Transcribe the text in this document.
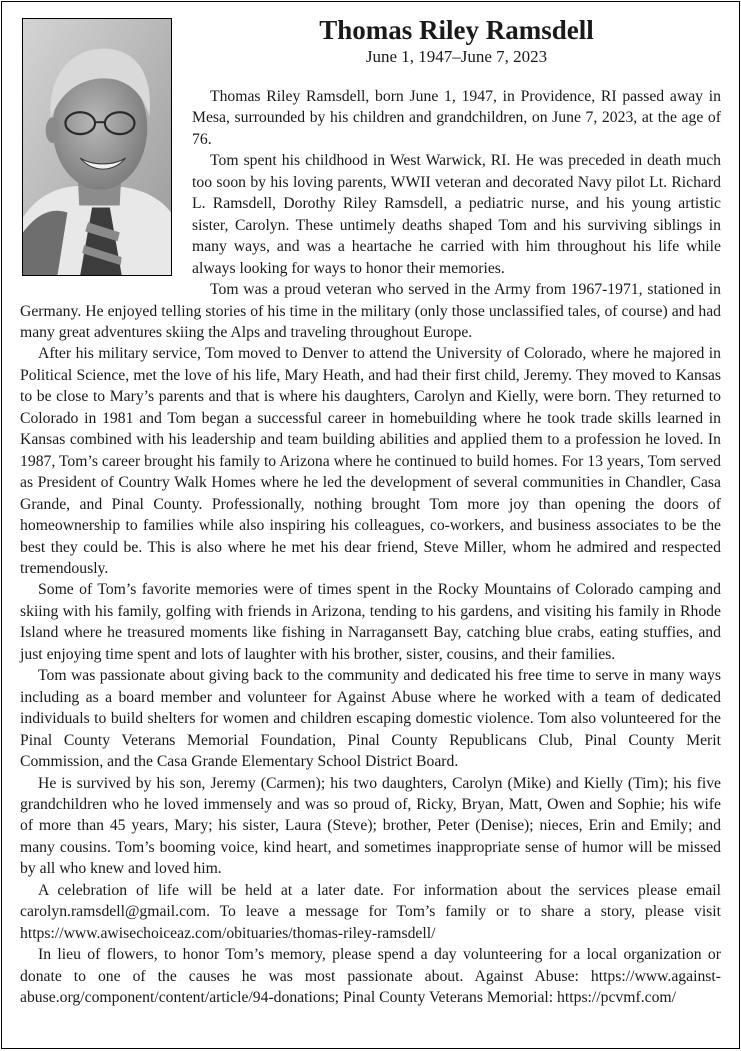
Thomas Riley Ramsdell
June 1, 1947–June 7, 2023

Thomas Riley Ramsdell, born June 1, 1947, in Providence, RI passed away in Mesa, surrounded by his children and grandchildren, on June 7, 2023, at the age of 76.

Tom spent his childhood in West Warwick, RI. He was preceded in death much too soon by his loving parents, WWII veteran and decorated Navy pilot Lt. Richard L. Ramsdell, Dorothy Riley Ramsdell, a pediatric nurse, and his young artistic sister, Carolyn. These untimely deaths shaped Tom and his surviving siblings in many ways, and was a heartache he carried with him throughout his life while always looking for ways to honor their memories.

Tom was a proud veteran who served in the Army from 1967-1971, stationed in Germany. He enjoyed telling stories of his time in the military (only those unclassified tales, of course) and had many great adventures skiing the Alps and traveling throughout Europe.

After his military service, Tom moved to Denver to attend the University of Colorado, where he majored in Political Science, met the love of his life, Mary Heath, and had their first child, Jeremy. They moved to Kansas to be close to Mary’s parents and that is where his daughters, Carolyn and Kielly, were born. They returned to Colorado in 1981 and Tom began a successful career in homebuilding where he took trade skills learned in Kansas combined with his leadership and team building abilities and applied them to a profession he loved. In 1987, Tom’s career brought his family to Arizona where he continued to build homes. For 13 years, Tom served as President of Country Walk Homes where he led the development of several communities in Chandler, Casa Grande, and Pinal County. Professionally, nothing brought Tom more joy than opening the doors of homeownership to families while also inspiring his colleagues, co-workers, and business associates to be the best they could be. This is also where he met his dear friend, Steve Miller, whom he admired and respected tremendously.

Some of Tom’s favorite memories were of times spent in the Rocky Mountains of Colorado camping and skiing with his family, golfing with friends in Arizona, tending to his gardens, and visiting his family in Rhode Island where he treasured moments like fishing in Narragansett Bay, catching blue crabs, eating stuffies, and just enjoying time spent and lots of laughter with his brother, sister, cousins, and their families.

Tom was passionate about giving back to the community and dedicated his free time to serve in many ways including as a board member and volunteer for Against Abuse where he worked with a team of dedicated individuals to build shelters for women and children escaping domestic violence. Tom also volunteered for the Pinal County Veterans Memorial Foundation, Pinal County Republicans Club, Pinal County Merit Commission, and the Casa Grande Elementary School District Board.

He is survived by his son, Jeremy (Carmen); his two daughters, Carolyn (Mike) and Kielly (Tim); his five grandchildren who he loved immensely and was so proud of, Ricky, Bryan, Matt, Owen and Sophie; his wife of more than 45 years, Mary; his sister, Laura (Steve); brother, Peter (Denise); nieces, Erin and Emily; and many cousins. Tom’s booming voice, kind heart, and sometimes inappropriate sense of humor will be missed by all who knew and loved him.

A celebration of life will be held at a later date. For information about the services please email carolyn.ramsdell@gmail.com. To leave a message for Tom’s family or to share a story, please visit https://www.awisechoiceaz.com/obituaries/thomas-riley-ramsdell/

In lieu of flowers, to honor Tom’s memory, please spend a day volunteering for a local organization or donate to one of the causes he was most passionate about. Against Abuse: https://www.against-abuse.org/component/content/article/94-donations; Pinal County Veterans Memorial: https://pcvmf.com/
